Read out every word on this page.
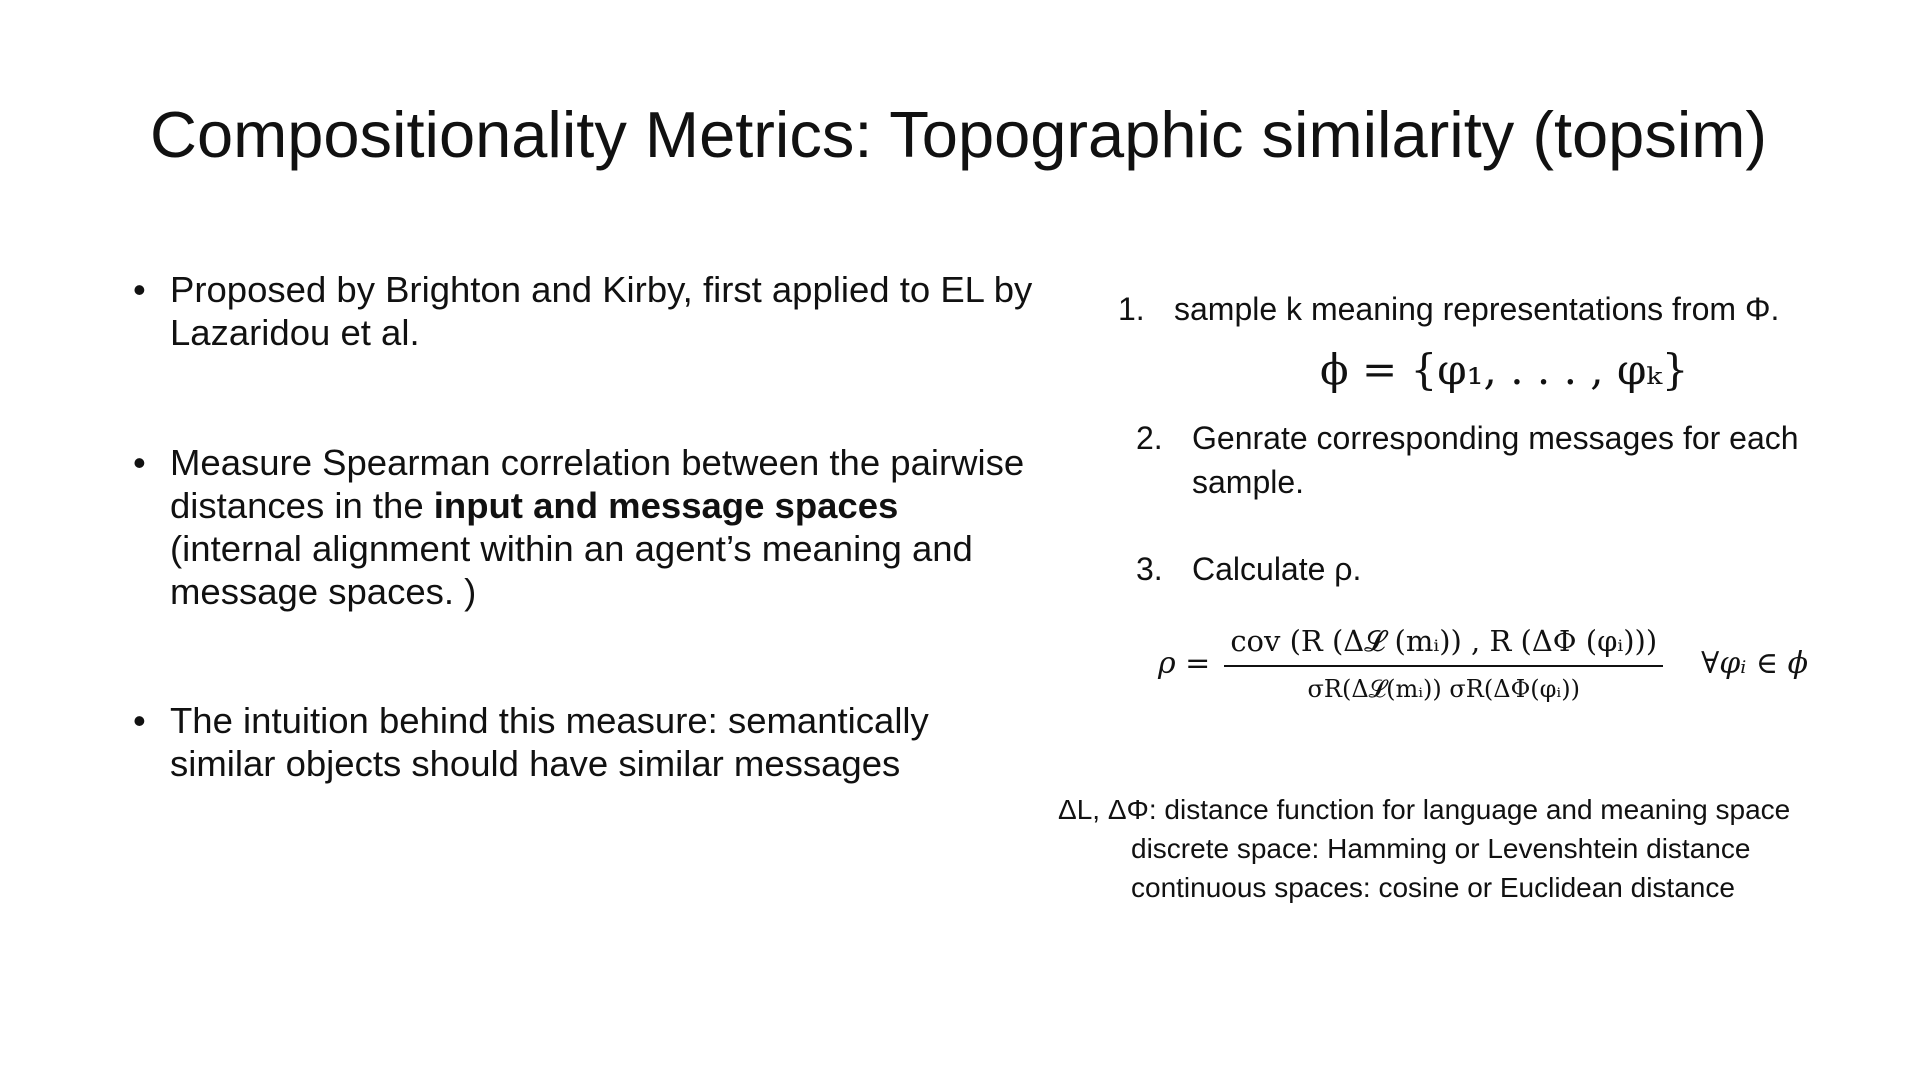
Compositionality Metrics: Topographic similarity (topsim)
• Proposed by Brighton and Kirby, first applied to EL by Lazaridou et al.
• Measure Spearman correlation between the pairwise distances in the input and message spaces     (internal alignment within an agent’s meaning and message spaces. )
• The intuition behind this measure: semantically similar objects should have similar messages
1. sample k meaning representations from Φ.
ϕ = {φ₁, . . . , φₖ}
2. Genrate corresponding messages for each sample.
3. Calculate ρ.
$\rho = \frac{\text{cov (R (Δ𝓛 (mᵢ)) , R (ΔΦ (φᵢ)))}}{\text{σR(Δ𝓛(mᵢ)) σR(ΔΦ(φᵢ))}}$ ∀φᵢ ∈ ϕ
ΔL, ΔΦ: distance function for language and meaning space
discrete space: Hamming or Levenshtein distance
continuous spaces: cosine or Euclidean distance
